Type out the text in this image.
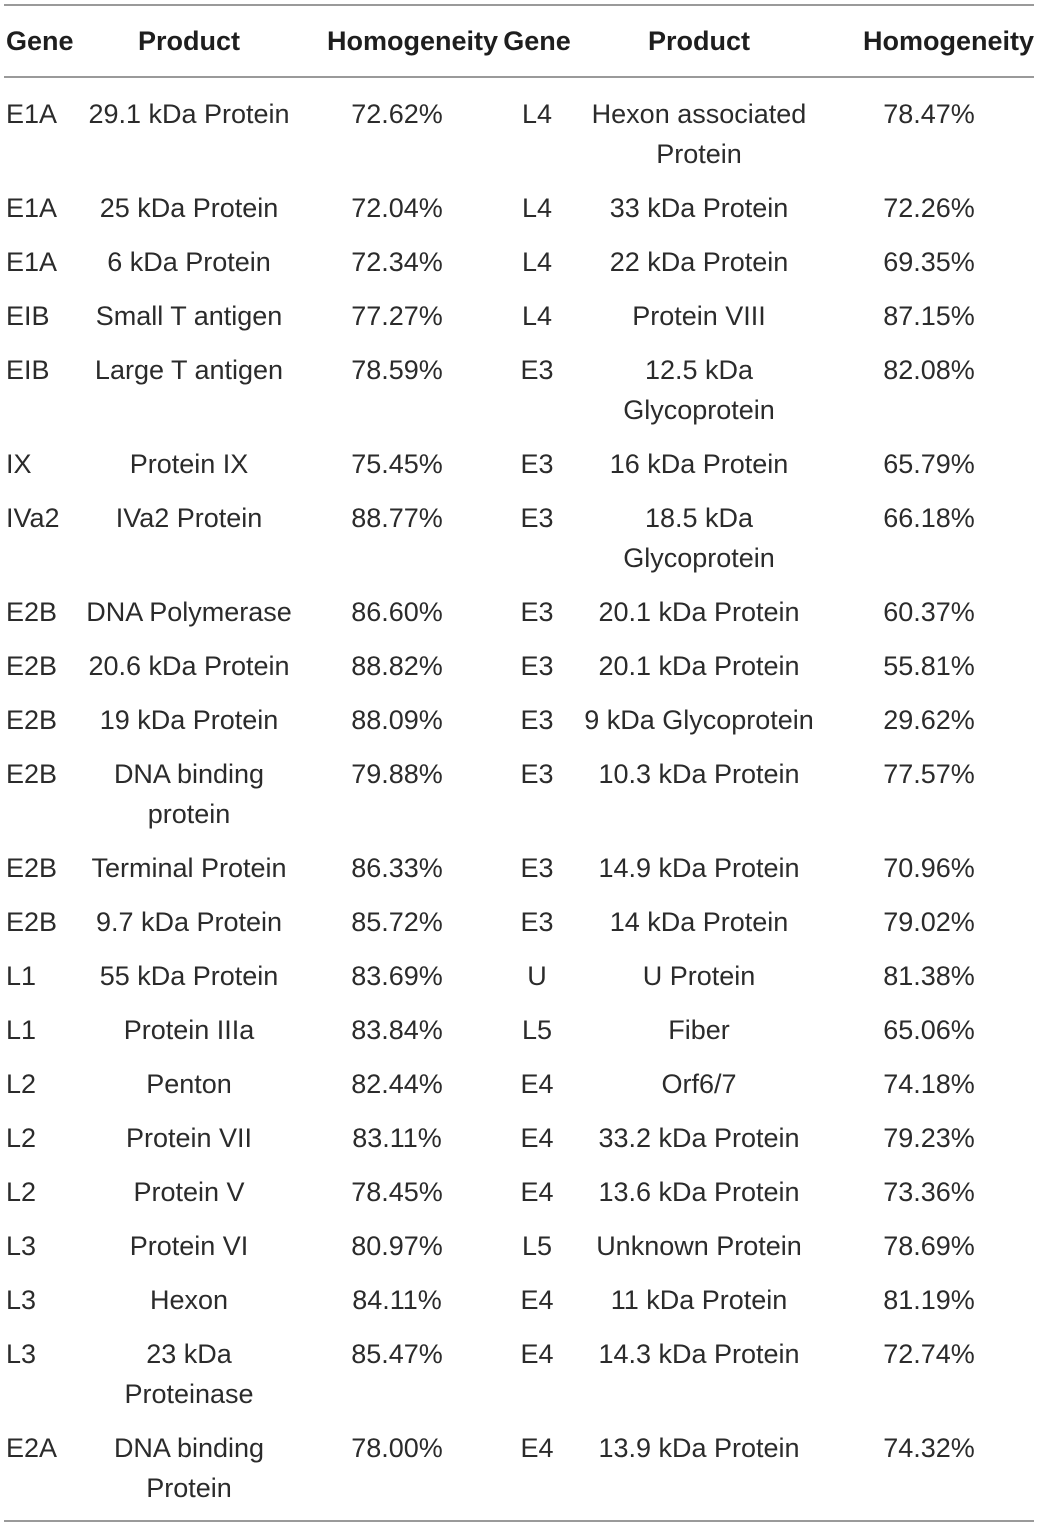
Gene	Product	Homogeneity	Gene	Product	Homogeneity
E1A	29.1 kDa Protein	72.62%	L4	Hexon associated Protein	78.47%
E1A	25 kDa Protein	72.04%	L4	33 kDa Protein	72.26%
E1A	6 kDa Protein	72.34%	L4	22 kDa Protein	69.35%
EIB	Small T antigen	77.27%	L4	Protein VIII	87.15%
EIB	Large T antigen	78.59%	E3	12.5 kDa Glycoprotein	82.08%
IX	Protein IX	75.45%	E3	16 kDa Protein	65.79%
IVa2	IVa2 Protein	88.77%	E3	18.5 kDa Glycoprotein	66.18%
E2B	DNA Polymerase	86.60%	E3	20.1 kDa Protein	60.37%
E2B	20.6 kDa Protein	88.82%	E3	20.1 kDa Protein	55.81%
E2B	19 kDa Protein	88.09%	E3	9 kDa Glycoprotein	29.62%
E2B	DNA binding protein	79.88%	E3	10.3 kDa Protein	77.57%
E2B	Terminal Protein	86.33%	E3	14.9 kDa Protein	70.96%
E2B	9.7 kDa Protein	85.72%	E3	14 kDa Protein	79.02%
L1	55 kDa Protein	83.69%	U	U Protein	81.38%
L1	Protein IIIa	83.84%	L5	Fiber	65.06%
L2	Penton	82.44%	E4	Orf6/7	74.18%
L2	Protein VII	83.11%	E4	33.2 kDa Protein	79.23%
L2	Protein V	78.45%	E4	13.6 kDa Protein	73.36%
L3	Protein VI	80.97%	L5	Unknown Protein	78.69%
L3	Hexon	84.11%	E4	11 kDa Protein	81.19%
L3	23 kDa Proteinase	85.47%	E4	14.3 kDa Protein	72.74%
E2A	DNA binding Protein	78.00%	E4	13.9 kDa Protein	74.32%
